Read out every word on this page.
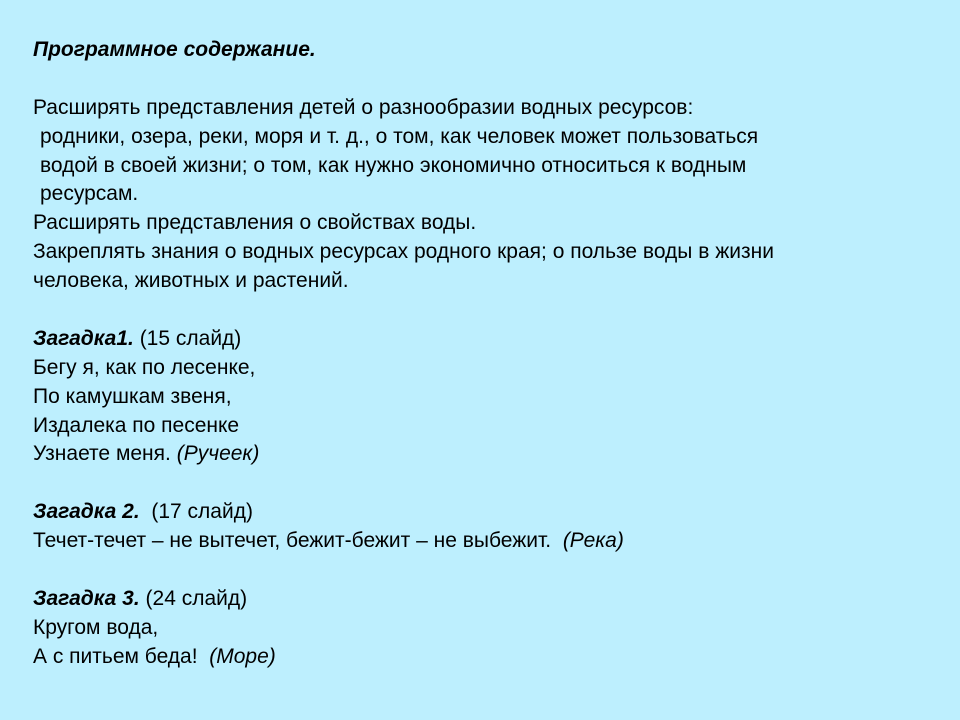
Программное содержание.
Расширять представления детей о разнообразии водных ресурсов:
родники, озера, реки, моря и т. д., о том, как человек может пользоваться
водой в своей жизни; о том, как нужно экономично относиться к водным
ресурсам.
Расширять представления о свойствах воды.
Закреплять знания о водных ресурсах родного края; о пользе воды в жизни
человека, животных и растений.
Загадка1. (15 слайд)
Бегу я, как по лесенке,
По камушкам звеня,
Издалека по песенке
Узнаете меня. (Ручеек)
Загадка 2.  (17 слайд)
Течет-течет – не вытечет, бежит-бежит – не выбежит.  (Река)
Загадка 3. (24 слайд)
Кругом вода,
А с питьем беда!  (Море)
